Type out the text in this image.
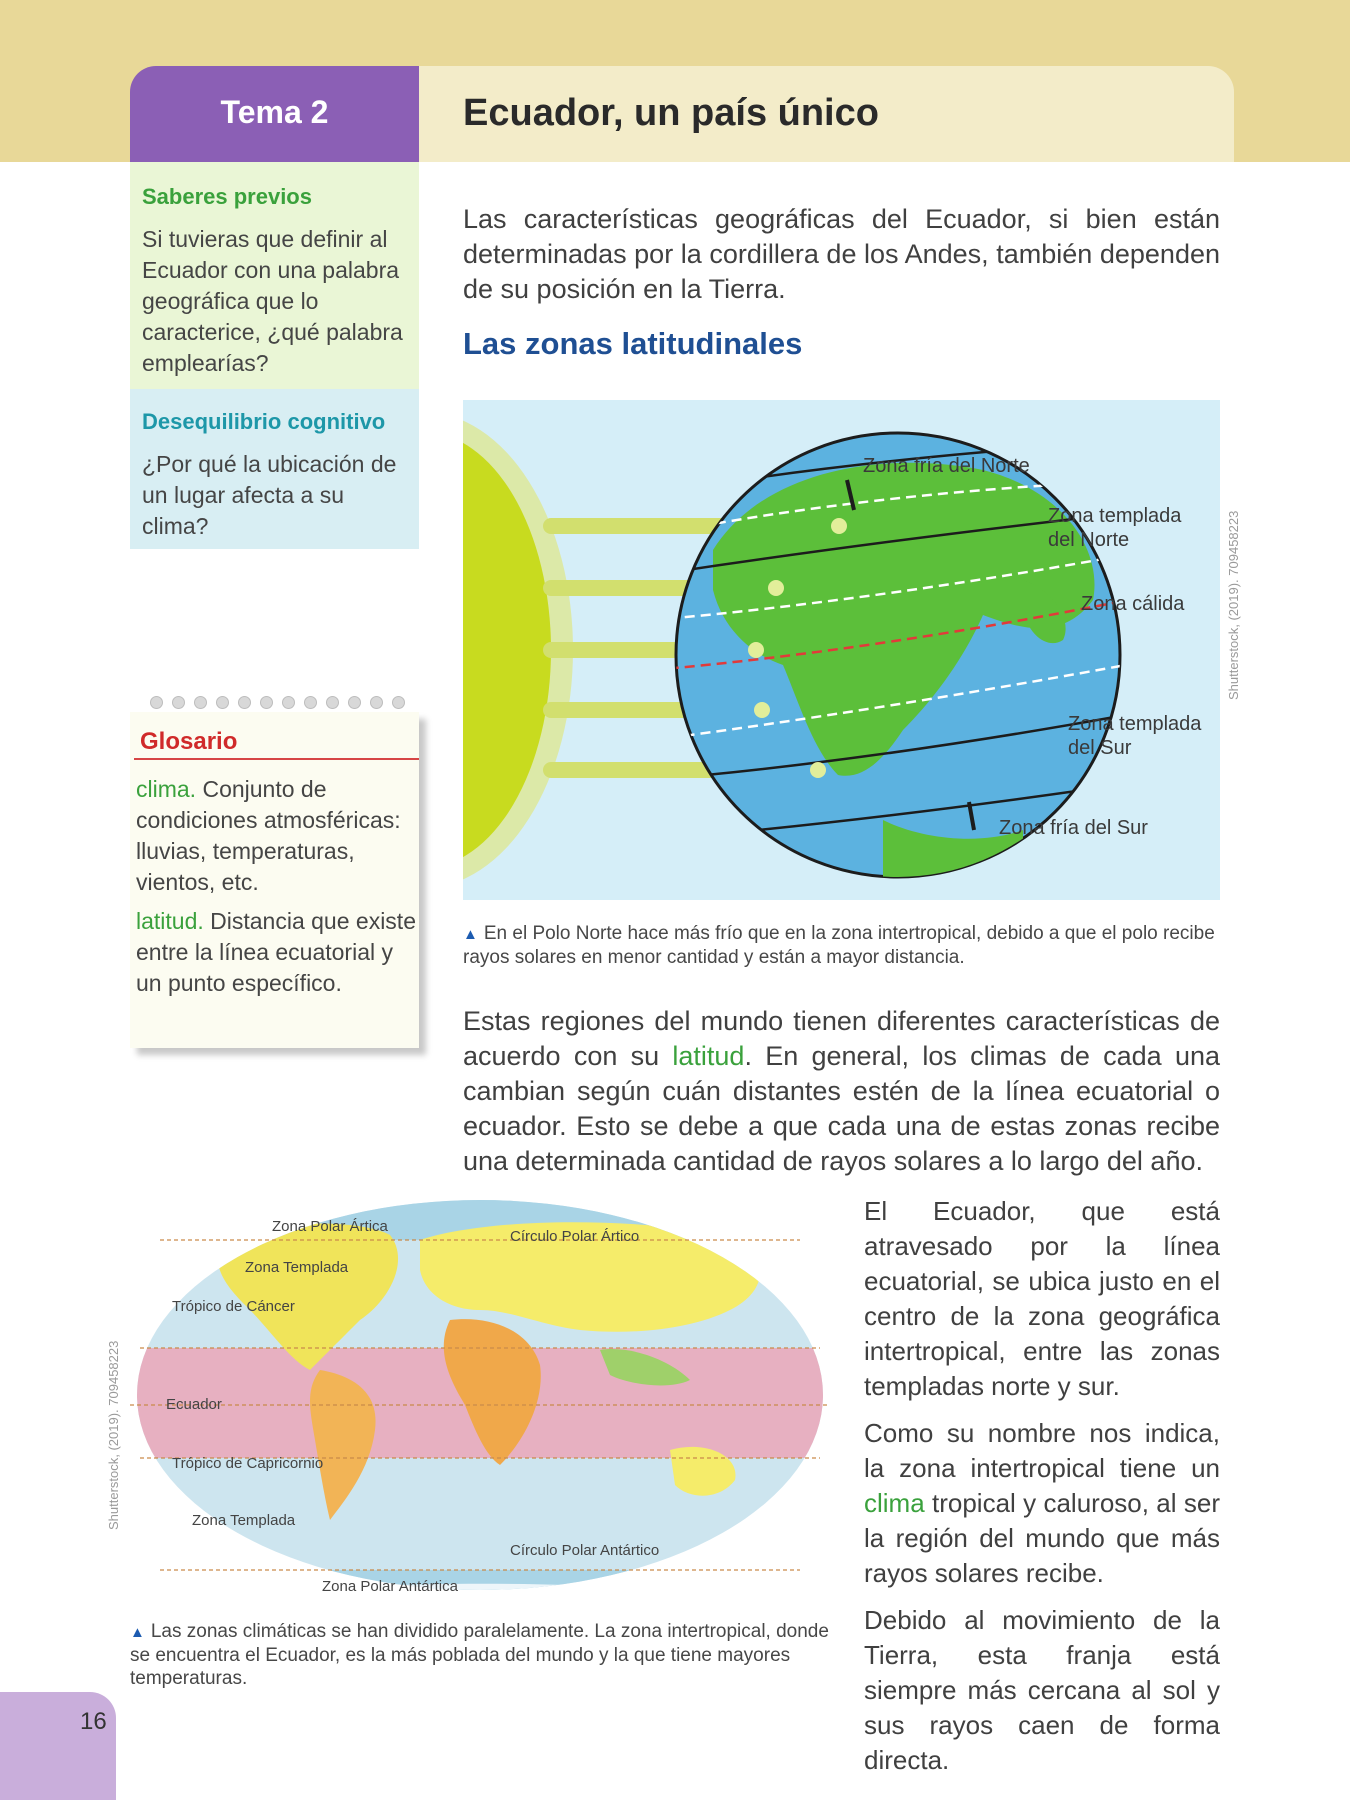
Tema 2	Ecuador, un país único
Saberes previos
Si tuvieras que definir al Ecuador con una palabra geográfica que lo caracterice, ¿qué palabra emplearías?
Desequilibrio cognitivo
¿Por qué la ubicación de un lugar afecta a su clima?
Glosario

clima. Conjunto de condiciones atmosféricas: lluvias, temperaturas, vientos, etc.

latitud. Distancia que existe entre la línea ecuatorial y un punto específico.

Las características geográficas del Ecuador, si bien están determinadas por la cordillera de los Andes, también dependen de su posición en la Tierra.

Las zonas latitudinales
Zona fría del Norte
Zona templada
del Norte
Zona cálida
Zona templada
del Sur
Zona fría del Sur
Shutterstock, (2019). 709458223

▲ En el Polo Norte hace más frío que en la zona intertropical, debido a que el polo recibe rayos solares en menor cantidad y están a mayor distancia.

Estas regiones del mundo tienen diferentes características de acuerdo con su latitud. En general, los climas de cada una cambian según cuán distantes estén de la línea ecuatorial o ecuador. Esto se debe a que cada una de estas zonas recibe una determinada cantidad de rayos solares a lo largo del año.

Zona Polar Ártica
Círculo Polar Ártico
Zona Templada
Trópico de Cáncer
Ecuador
Trópico de Capricornio
Zona Templada
Círculo Polar Antártico
Zona Polar Antártica
Shutterstock, (2019). 709458223

▲ Las zonas climáticas se han dividido paralelamente. La zona intertropical, donde se encuentra el Ecuador, es la más poblada del mundo y la que tiene mayores temperaturas.

El Ecuador, que está atravesado por la línea ecuatorial, se ubica justo en el centro de la zona geográfica intertropical, entre las zonas templadas norte y sur.

Como su nombre nos indica, la zona intertropical tiene un clima tropical y caluroso, al ser la región del mundo que más rayos solares recibe.

Debido al movimiento de la Tierra, esta franja está siempre más cercana al sol y sus rayos caen de forma directa.

16
